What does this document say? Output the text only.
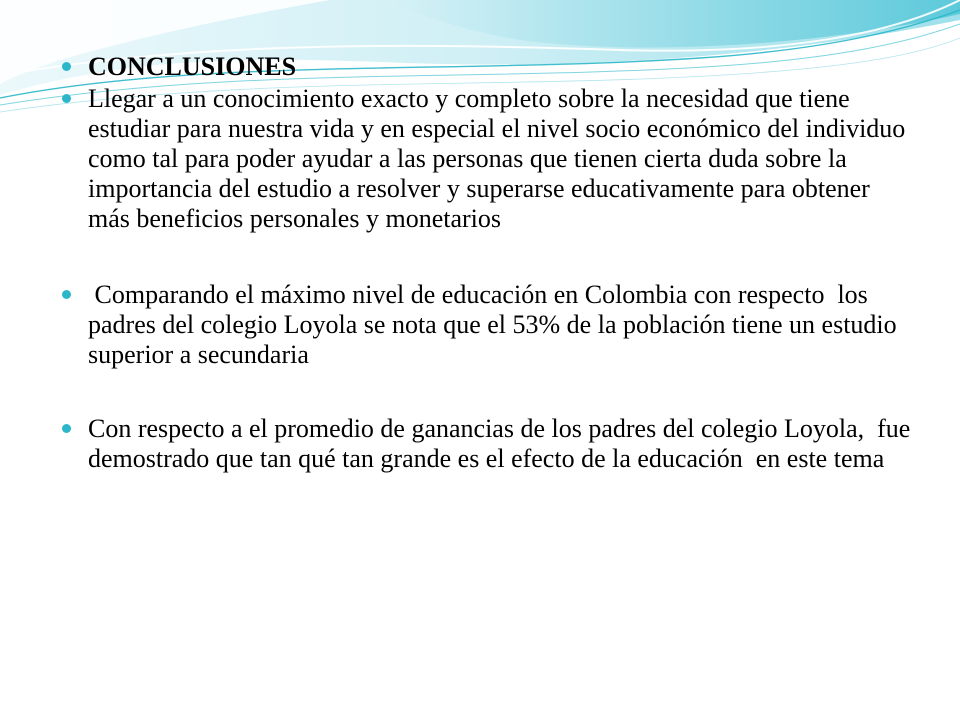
CONCLUSIONES
Llegar a un conocimiento exacto y completo sobre la necesidad que tiene estudiar para nuestra vida y en especial el nivel socio económico del individuo como tal para poder ayudar a las personas que tienen cierta duda sobre la importancia del estudio a resolver y superarse educativamente para obtener más beneficios personales y monetarios
Comparando el máximo nivel de educación en Colombia con respecto  los padres del colegio Loyola se nota que el 53% de la población tiene un estudio superior a secundaria
Con respecto a el promedio de ganancias de los padres del colegio Loyola,  fue demostrado que tan qué tan grande es el efecto de la educación  en este tema
